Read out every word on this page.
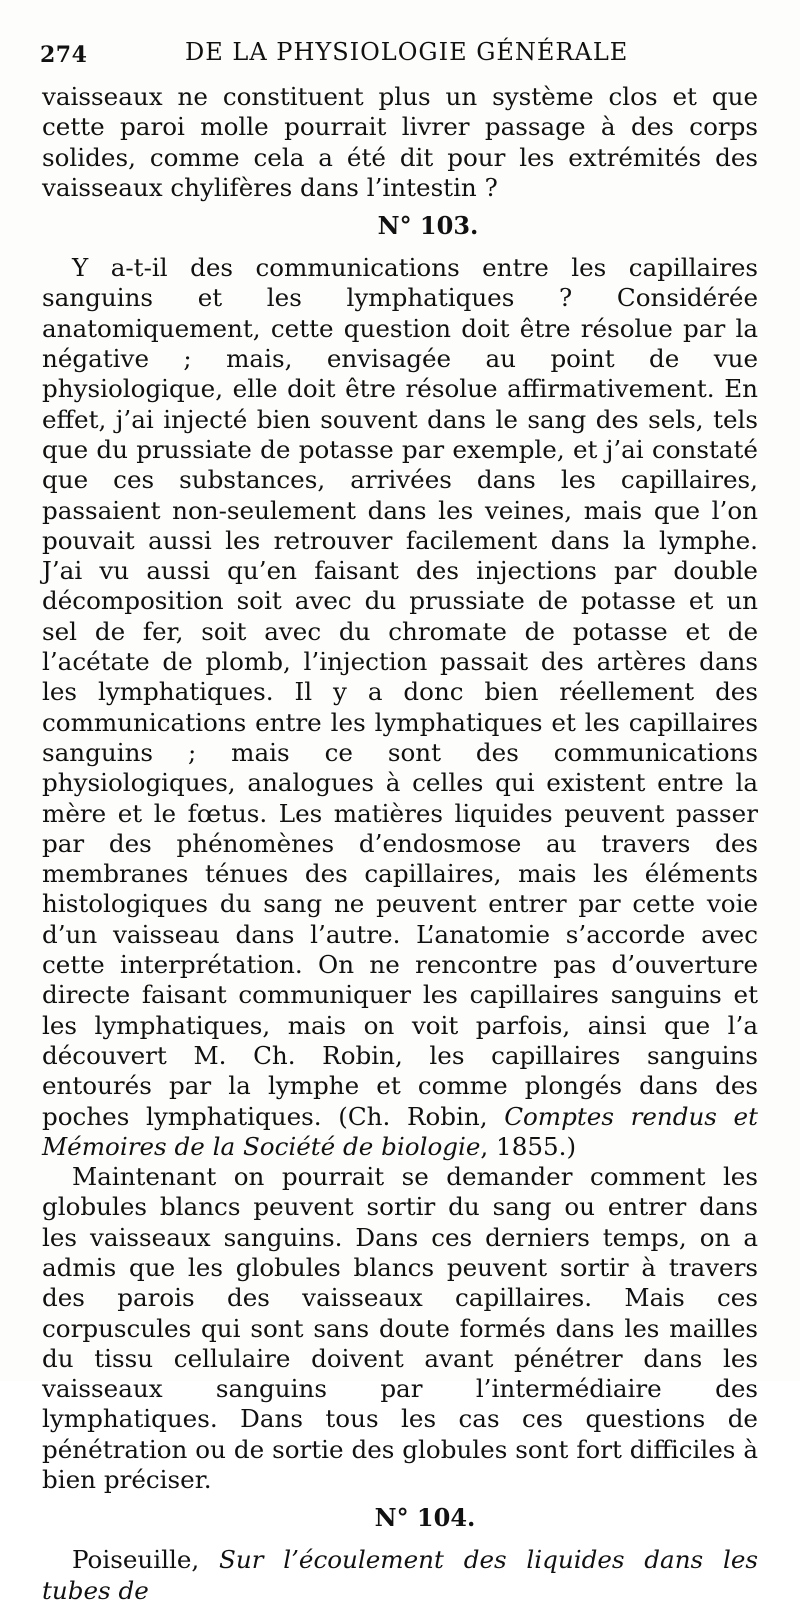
274	DE LA PHYSIOLOGIE GÉNÉRALE

vaisseaux ne constituent plus un système clos et que cette paroi molle pourrait livrer passage à des corps solides, comme cela a été dit pour les extrémités des vaisseaux chylifères dans l’intestin ?

N° 103.

Y a-t-il des communications entre les capillaires sanguins et les lymphatiques ? Considérée anatomiquement, cette question doit être résolue par la négative ; mais, envisagée au point de vue physiologique, elle doit être résolue affirmativement. En effet, j’ai injecté bien souvent dans le sang des sels, tels que du prussiate de potasse par exemple, et j’ai constaté que ces substances, arrivées dans les capillaires, passaient non-seulement dans les veines, mais que l’on pouvait aussi les retrouver facilement dans la lymphe. J’ai vu aussi qu’en faisant des injections par double décomposition soit avec du prussiate de potasse et un sel de fer, soit avec du chromate de potasse et de l’acétate de plomb, l’injection passait des artères dans les lymphatiques. Il y a donc bien réellement des communications entre les lymphatiques et les capillaires sanguins ; mais ce sont des communications physiologiques, analogues à celles qui existent entre la mère et le fœtus. Les matières liquides peuvent passer par des phénomènes d’endosmose au travers des membranes ténues des capillaires, mais les éléments histologiques du sang ne peuvent entrer par cette voie d’un vaisseau dans l’autre. L’anatomie s’accorde avec cette interprétation. On ne rencontre pas d’ouverture directe faisant communiquer les capillaires sanguins et les lymphatiques, mais on voit parfois, ainsi que l’a découvert M. Ch. Robin, les capillaires sanguins entourés par la lymphe et comme plongés dans des poches lymphatiques. (Ch. Robin, Comptes rendus et Mémoires de la Société de biologie, 1855.)

Maintenant on pourrait se demander comment les globules blancs peuvent sortir du sang ou entrer dans les vaisseaux sanguins. Dans ces derniers temps, on a admis que les globules blancs peuvent sortir à travers des parois des vaisseaux capillaires. Mais ces corpuscules qui sont sans doute formés dans les mailles du tissu cellulaire doivent avant pénétrer dans les vaisseaux sanguins par l’intermédiaire des lymphatiques. Dans tous les cas ces questions de pénétration ou de sortie des globules sont fort difficiles à bien préciser.

N° 104.

Poiseuille, Sur l’écoulement des liquides dans les tubes de
